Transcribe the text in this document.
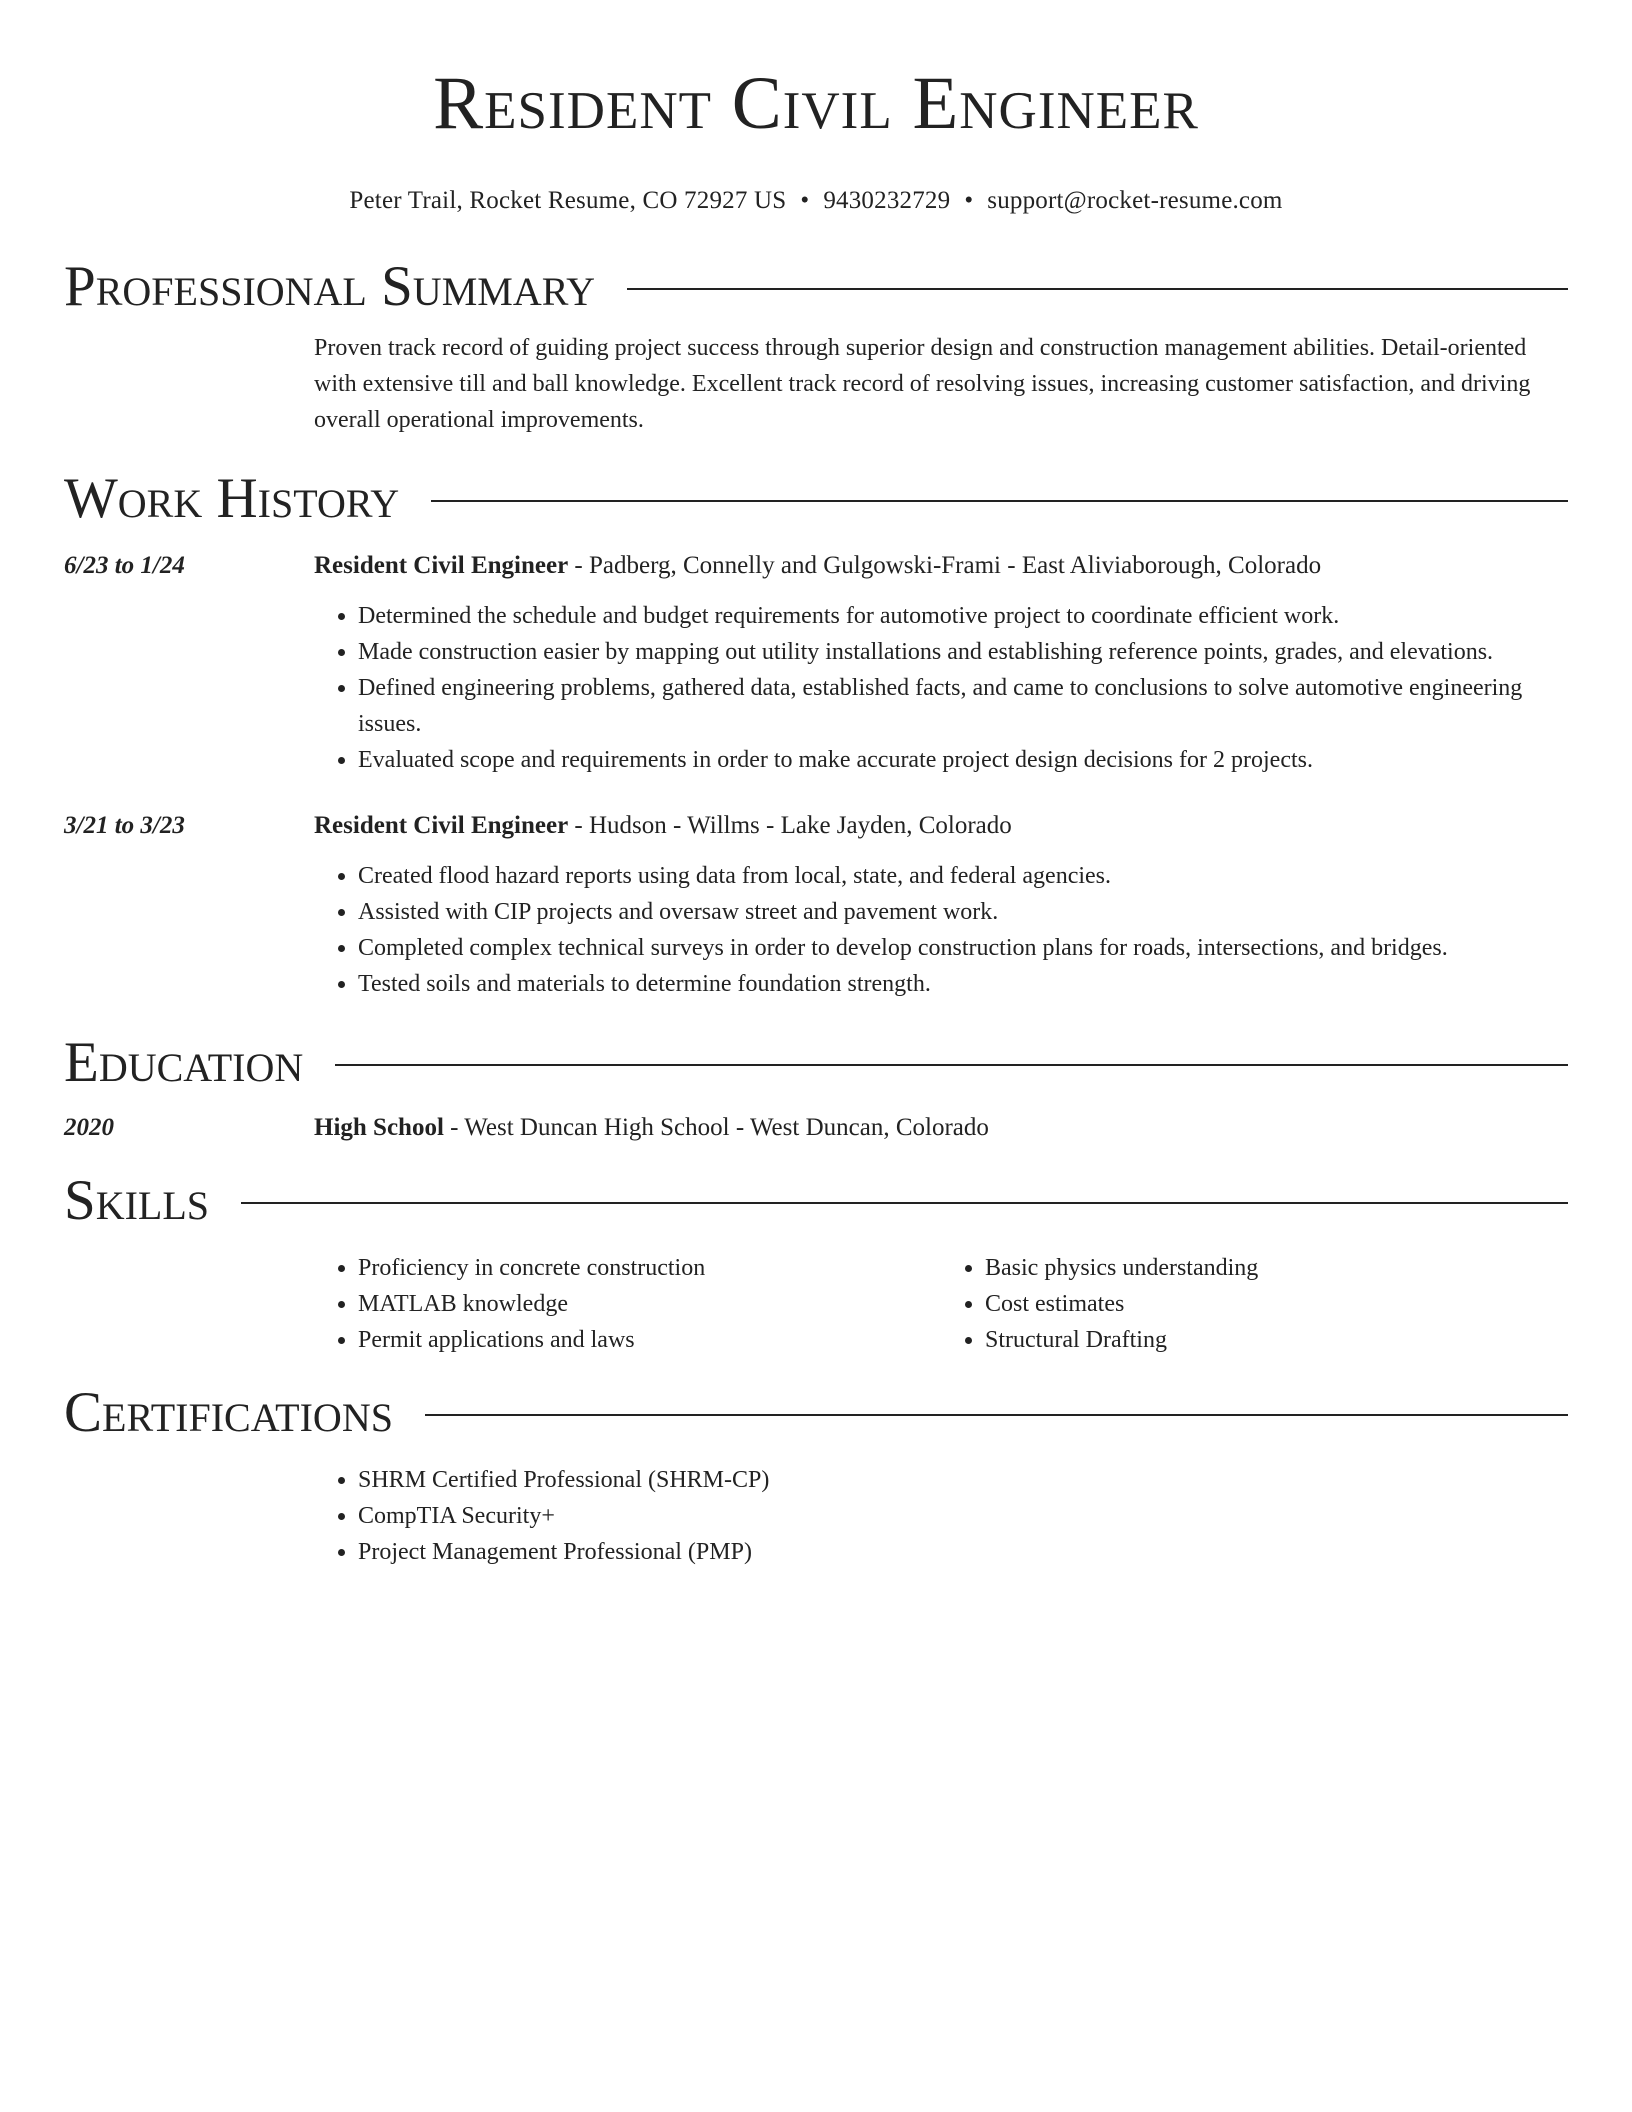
Resident Civil Engineer
Peter Trail, Rocket Resume, CO 72927 US • 9430232729 • support@rocket-resume.com
Professional Summary

Proven track record of guiding project success through superior design and construction management abilities. Detail-oriented with extensive till and ball knowledge. Excellent track record of resolving issues, increasing customer satisfaction, and driving overall operational improvements.

Work History
6/23 to 1/24	Resident Civil Engineer - Padberg, Connelly and Gulgowski-Frami - East Aliviaborough, Colorado
• Determined the schedule and budget requirements for automotive project to coordinate efficient work.
• Made construction easier by mapping out utility installations and establishing reference points, grades, and elevations.
• Defined engineering problems, gathered data, established facts, and came to conclusions to solve automotive engineering issues.
• Evaluated scope and requirements in order to make accurate project design decisions for 2 projects.
3/21 to 3/23	Resident Civil Engineer - Hudson - Willms - Lake Jayden, Colorado
• Created flood hazard reports using data from local, state, and federal agencies.
• Assisted with CIP projects and oversaw street and pavement work.
• Completed complex technical surveys in order to develop construction plans for roads, intersections, and bridges.
• Tested soils and materials to determine foundation strength.
Education
2020	High School - West Duncan High School - West Duncan, Colorado
Skills
• Proficiency in concrete construction
• MATLAB knowledge
• Permit applications and laws
• Basic physics understanding
• Cost estimates
• Structural Drafting
Certifications
• SHRM Certified Professional (SHRM-CP)
• CompTIA Security+
• Project Management Professional (PMP)
